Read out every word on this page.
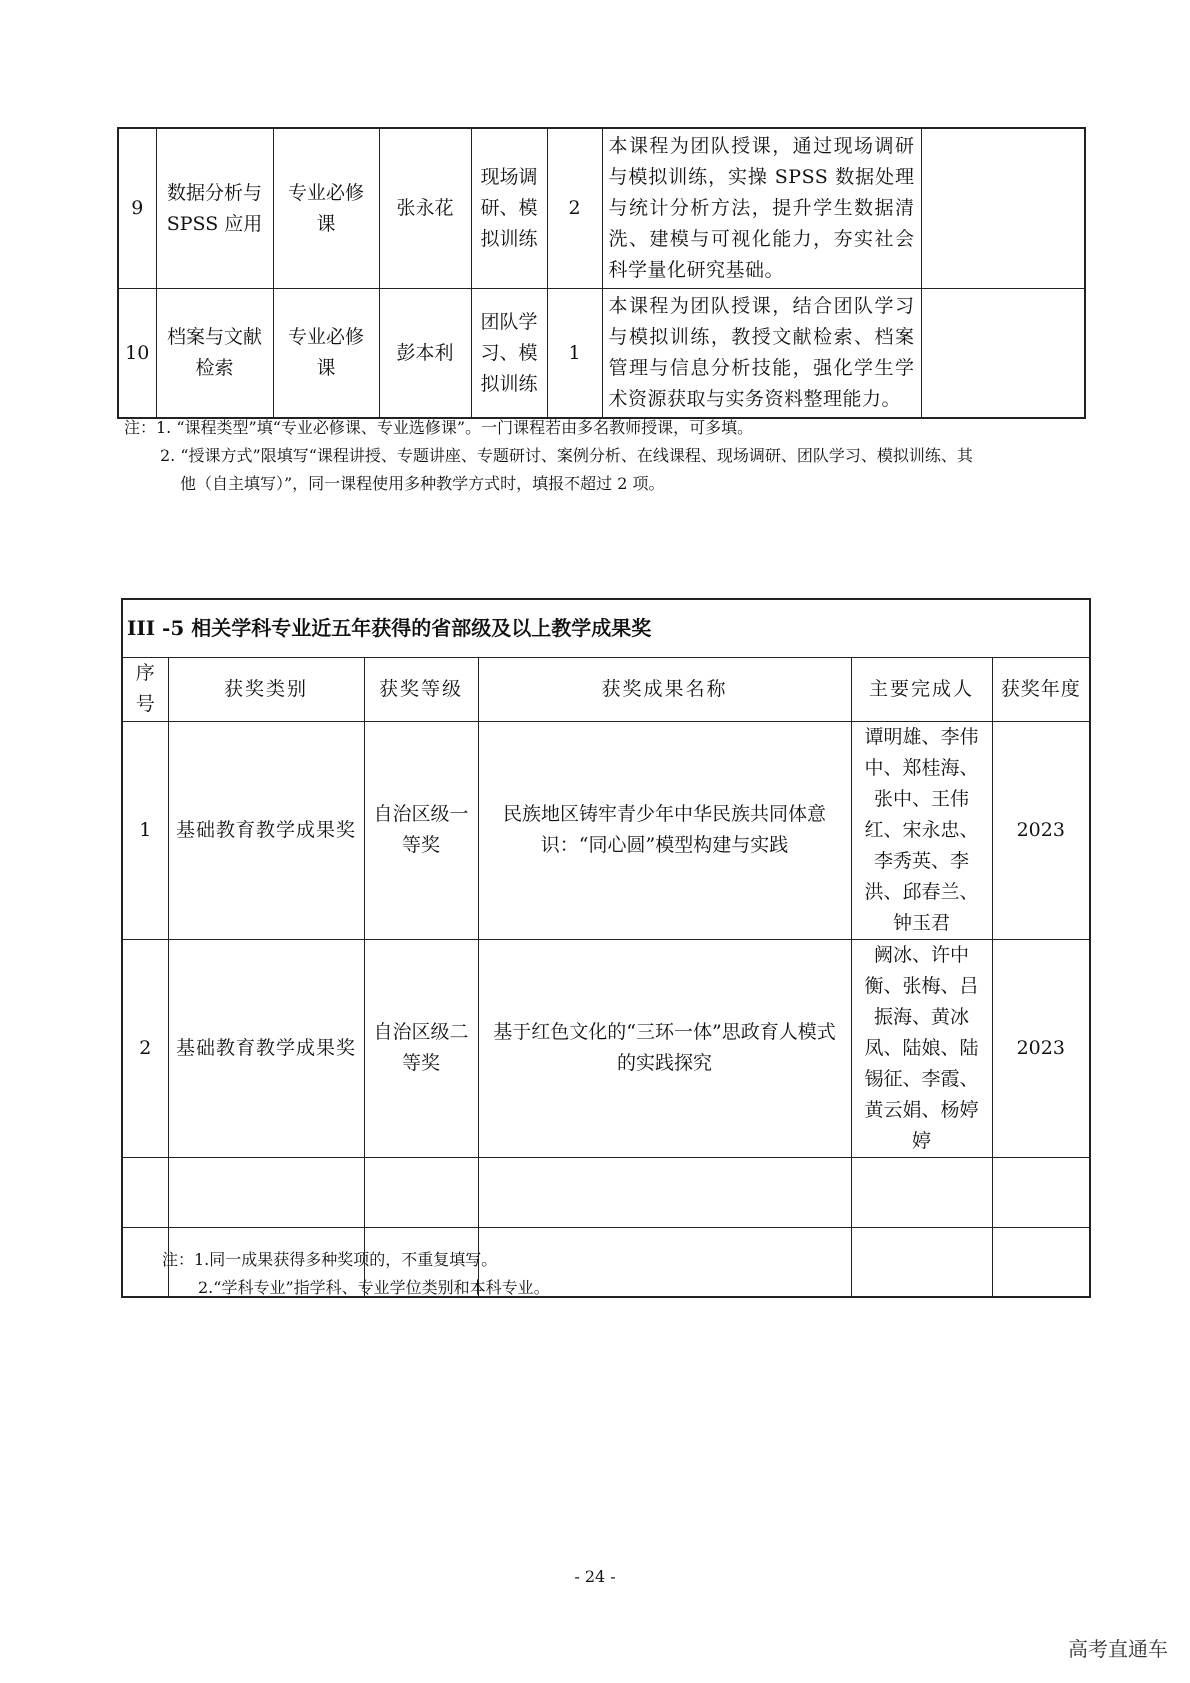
9	数据分析与SPSS 应用	专业必修课	张永花	现场调研、模拟训练	2	本课程为团队授课，通过现场调研与模拟训练，实操 SPSS 数据处理与统计分析方法，提升学生数据清洗、建模与可视化能力，夯实社会科学量化研究基础。	
10	档案与文献检索	专业必修课	彭本利	团队学习、模拟训练	1	本课程为团队授课，结合团队学习与模拟训练，教授文献检索、档案管理与信息分析技能，强化学生学术资源获取与实务资料整理能力。	
注：1. “课程类型”填“专业必修课、专业选修课”。一门课程若由多名教师授课，可多填。
2. “授课方式”限填写“课程讲授、专题讲座、专题研讨、案例分析、在线课程、现场调研、团队学习、模拟训练、其
他（自主填写）”，同一课程使用多种教学方式时，填报不超过 2 项。
III -5 相关学科专业近五年获得的省部级及以上教学成果奖					
序号	获奖类别	获奖等级	获奖成果名称	主要完成人	获奖年度
1	基础教育教学成果奖	自治区级一等奖	民族地区铸牢青少年中华民族共同体意识：“同心圆”模型构建与实践	谭明雄、李伟中、郑桂海、张中、王伟红、宋永忠、李秀英、李洪、邱春兰、钟玉君	2023
2	基础教育教学成果奖	自治区级二等奖	基于红色文化的“三环一体”思政育人模式的实践探究	阙冰、许中衡、张梅、吕振海、黄冰凤、陆娘、陆锡征、李霞、黄云娟、杨婷婷	2023

注：1.同一成果获得多种奖项的，不重复填写。
2.“学科专业”指学科、专业学位类别和本科专业。
- 24 -
高考直通车
